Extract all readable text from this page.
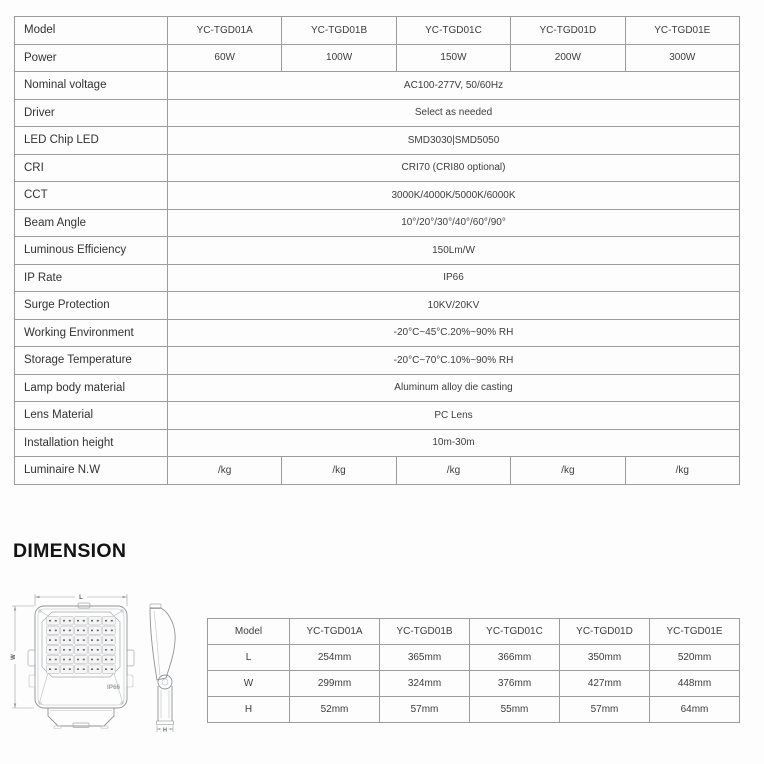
Model	YC-TGD01A	YC-TGD01B	YC-TGD01C	YC-TGD01D	YC-TGD01E
Power	60W	100W	150W	200W	300W
Nominal voltage	AC100-277V, 50/60Hz				
Driver	Select as needed				
LED Chip LED	SMD3030|SMD5050				
CRI	CRI70 (CRI80 optional)				
CCT	3000K/4000K/5000K/6000K				
Beam Angle	10°/20°/30°/40°/60°/90°				
Luminous Efficiency	150Lm/W				
IP Rate	IP66				
Surge Protection	10KV/20KV				
Working Environment	-20°C~45°C.20%~90% RH				
Storage Temperature	-20°C~70°C.10%~90% RH				
Lamp body material	Aluminum alloy die casting				
Lens Material	PC Lens				
Installation height	10m-30m				
Luminaire N.W	/kg	/kg	/kg	/kg	/kg
DIMENSION
L
W
IP66
H
Model	YC-TGD01A	YC-TGD01B	YC-TGD01C	YC-TGD01D	YC-TGD01E
L	254mm	365mm	366mm	350mm	520mm
W	299mm	324mm	376mm	427mm	448mm
H	52mm	57mm	55mm	57mm	64mm
